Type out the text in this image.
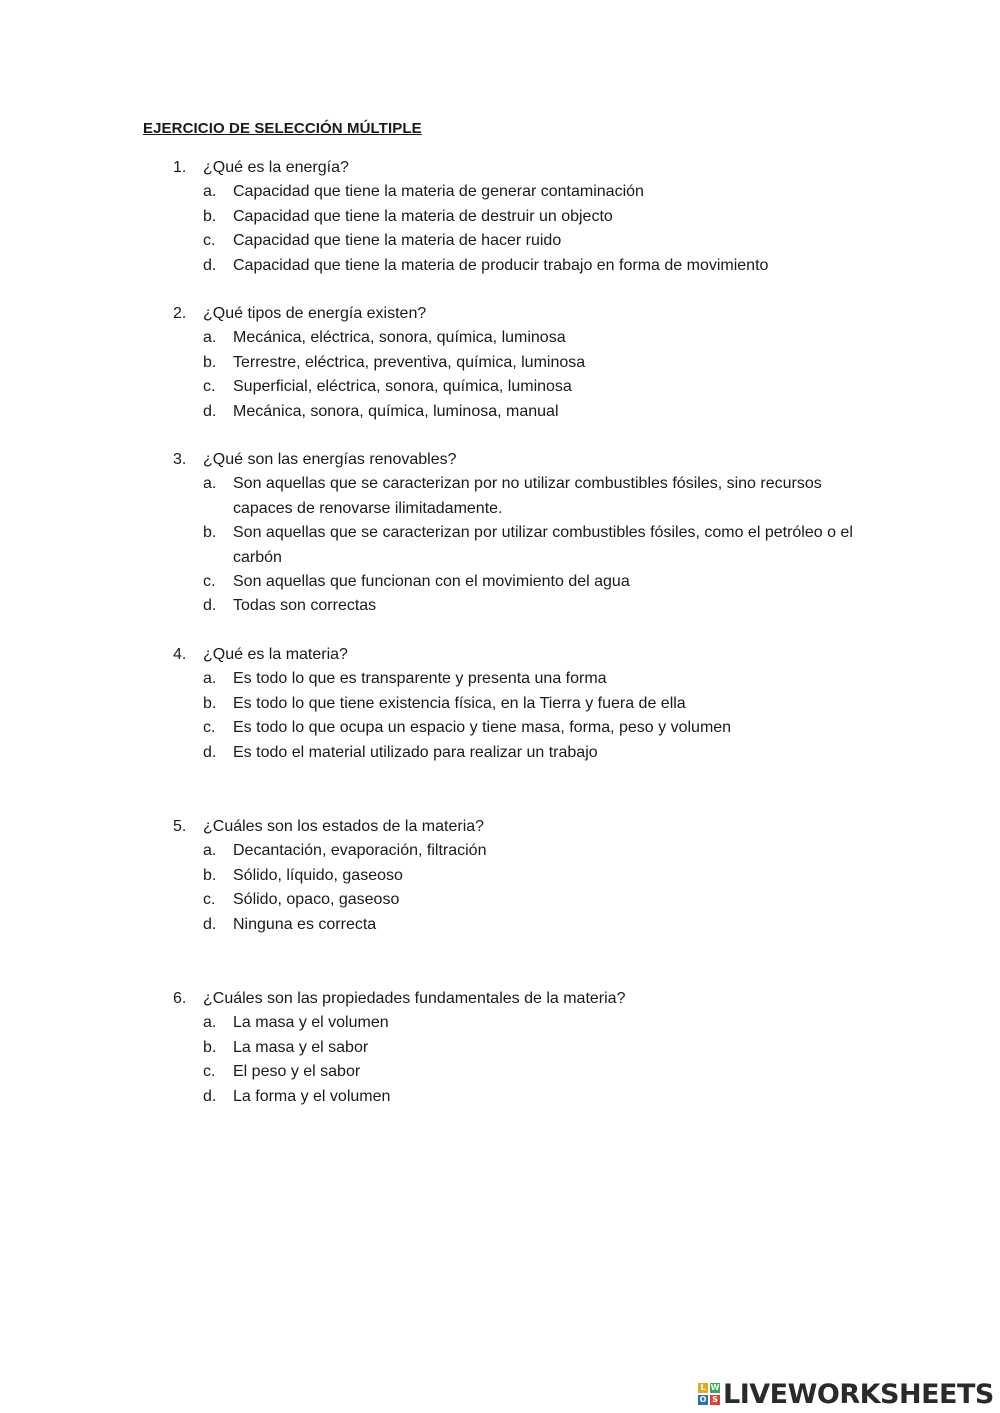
EJERCICIO DE SELECCIÓN MÚLTIPLE
1. ¿Qué es la energía?
a.	Capacidad que tiene la materia de generar contaminación
b.	Capacidad que tiene la materia de destruir un objecto
c.	Capacidad que tiene la materia de hacer ruido
d.	Capacidad que tiene la materia de producir trabajo en forma de movimiento
2. ¿Qué tipos de energía existen?
a.	Mecánica, eléctrica, sonora, química, luminosa
b.	Terrestre, eléctrica, preventiva, química, luminosa
c.	Superficial, eléctrica, sonora, química, luminosa
d.	Mecánica, sonora, química, luminosa, manual
3. ¿Qué son las energías renovables?
a.	Son aquellas que se caracterizan por no utilizar combustibles fósiles, sino recursos capaces de renovarse ilimitadamente.
b.	Son aquellas que se caracterizan por utilizar combustibles fósiles, como el petróleo o el carbón
c.	Son aquellas que funcionan con el movimiento del agua
d.	Todas son correctas
4. ¿Qué es la materia?
a.	Es todo lo que es transparente y presenta una forma
b.	Es todo lo que tiene existencia física, en la Tierra y fuera de ella
c.	Es todo lo que ocupa un espacio y tiene masa, forma, peso y volumen
d.	Es todo el material utilizado para realizar un trabajo
5. ¿Cuáles son los estados de la materia?
a.	Decantación, evaporación, filtración
b.	Sólido, líquido, gaseoso
c.	Sólido, opaco, gaseoso
d.	Ninguna es correcta
6. ¿Cuáles son las propiedades fundamentales de la materia?
a.	La masa y el volumen
b.	La masa y el sabor
c.	El peso y el sabor
d.	La forma y el volumen
L W
O S LIVEWORKSHEETS
